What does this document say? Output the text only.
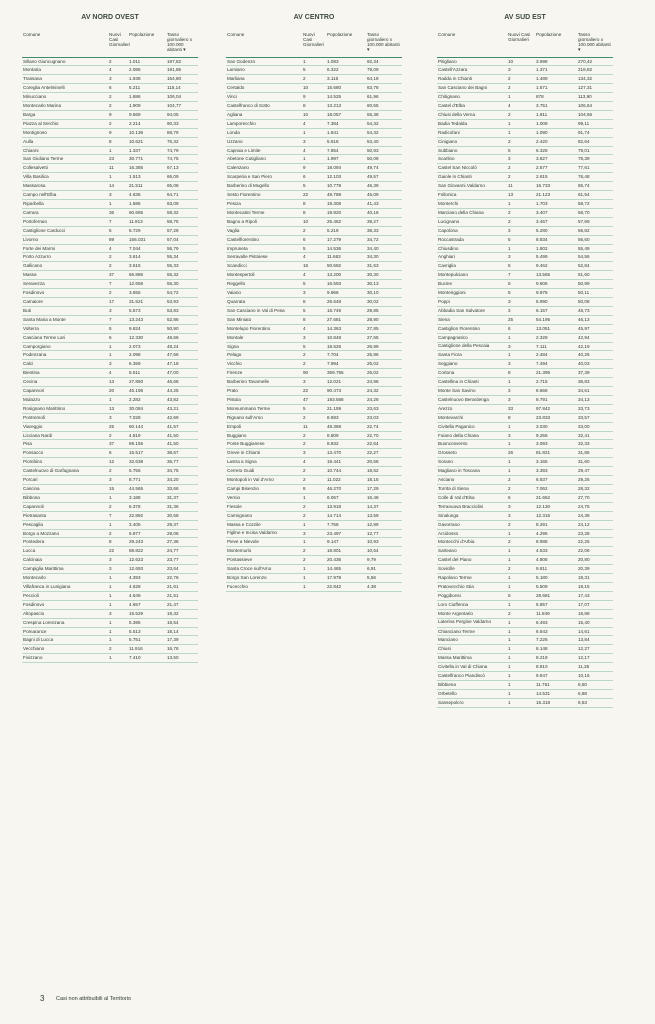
AV NORD OVEST
Comune	Nuovi Casi Giornalieri	Popolazione	Tasso giornaliero x 100.000 abitanti ▾
Sillano Giuncugnano	2	1.011	197,82
Montaria	4	2.085	191,85
Trassana	3	1.938	154,80
Coreglia Antelminelli	6	5.211	115,14
Minucciano	2	1.886	106,04
Montecarlo Marina	2	1.909	104,77
Barga	9	9.569	94,05
Piazza al Serchio	2	2.214	90,33
Montignoso	9	10.136	88,79
Aulla	8	10.621	75,32
Chianni	1	1.337	74,79
San Giuliano Terme	23	30.771	74,75
Collesalvetti	11	16.385	67,13
Villa Basilica	1	1.513	66,09
Massarosa	14	21.511	65,08
Campo nell'Elba	3	4.636	64,71
Riparbella	1	1.585	63,09
Carrara	36	60.685	59,32
Portoferraio	7	11.913	58,75
Castiglione Carducci	5	8.729	57,28
Livorno	89	156.031	57,04
Forte dei Marmi	4	7.044	56,79
Porto Azzurro	2	3.614	55,34
Gallicano	2	3.615	55,33
Massa	37	66.886	55,32
Seravezza	7	12.658	55,30
Fosdinovo	2	3.655	54,72
Camaiore	17	31.521	53,93
Buti	3	5.573	53,83
Santa Maria a Monte	7	13.243	52,86
Volterra	5	9.824	50,90
Casciana Terme Lari	6	12.330	48,66
Camporgiano	1	2.073	48,24
Podenzana	1	2.098	47,66
Calci	3	6.359	47,18
Bientina	4	8.511	47,00
Cecina	13	27.850	46,68
Capannori	20	45.196	44,25
Mulazzo	1	2.282	43,82
Rosignano Marittimo	13	30.084	43,21
Pontremoli	3	7.028	42,69
Viareggio	25	60.144	41,57
Licciana Nardi	2	4.819	41,50
Pisa	37	89.155	41,50
Ponsacco	6	15.517	38,67
Piombino	12	32.638	36,77
Castelnuovo di Garfagnana	2	5.756	34,75
Porcari	3	8.771	34,20
Cascina	15	44.565	33,66
Bibbona	1	3.188	31,37
Capannoli	2	6.378	31,36
Pietrasanta	7	22.892	30,58
Pescaglia	1	3.405	29,37
Borgo a Mozzano	2	6.877	29,08
Pontedera	8	29.243	27,36
Lucca	22	88.822	24,77
Calcinaia	3	12.623	23,77
Campiglia Marittima	3	12.693	23,64
Montecarlo	1	4.393	22,76
Villafranca in Lunigiana	1	4.628	21,61
Peccioli	1	4.649	21,51
Fosdinovo	1	4.657	21,47
Altopascio	3	15.529	19,32
Crespina Lorenzana	1	5.395	18,54
Pomarance	1	5.513	18,14
Bagni di Lucca	1	5.751	17,39
Vecchiano	2	11.916	16,78
Fivizzano	1	7.410	13,50
AV CENTRO
Comune	Nuovi Casi Giornalieri	Popolazione	Tasso giornaliero x 100.000 abitanti ▾
San Godenzo	1	1.083	92,34
Lamiano	5	6.322	79,09
Marliana	2	3.116	64,18
Certaldo	10	15.680	63,78
Vinci	9	14.525	61,96
Castelfranco di Sotto	8	13.213	60,55
Agliana	10	18.057	55,38
Lamporecchio	4	7.384	54,32
Londa	1	1.841	54,32
Uzzano	3	5.618	53,40
Capraia e Limite	4	7.854	50,93
Abetone Cutigliano	1	1.997	50,08
Calenzano	9	18.094	49,74
Scarperia e San Piero	6	12.103	49,57
Barberino di Mugello	5	10.779	46,39
Sesto Fiorentino	22	48.788	45,09
Pescia	8	19.308	41,43
Montecatini Terme	8	19.920	40,16
Bagno a Ripoli	10	25.462	39,27
Vaglia	2	5.218	38,33
Castelfiorentino	6	17.279	34,72
Impruneta	5	14.536	34,40
Serravalle Pistoiese	4	11.663	34,30
Scandicci	16	50.592	31,63
Montespertoli	4	13.200	30,30
Reggello	5	16.593	30,13
Vaiano	3	9.966	30,10
Quarrata	8	26.648	30,02
San Casciano in Val di Pesa	5	16.749	29,85
San Miniato	8	27.681	28,90
Montelupo Fiorentino	4	14.363	27,85
Montale	3	10.848	27,65
Signa	5	18.526	26,99
Pelago	2	7.704	25,96
Vicchio	2	7.994	25,02
Firenze	90	359.755	25,02
Barberino Tavarnelle	3	12.021	24,96
Prato	22	90.473	24,32
Pistoia	47	193.568	24,28
Monsummano Terme	5	21.159	23,63
Rignano sull'Arno	2	8.683	23,03
Empoli	11	48.368	22,74
Buggiano	2	8.809	22,70
Ponte Buggianese	2	8.832	22,64
Greve in Chianti	3	13.470	22,27
Lastra a Signa	4	19.441	20,58
Cerreto Guidi	2	10.744	18,62
Montopoli in Val d'Arno	2	11.022	18,15
Campi Bisenzio	8	46.270	17,29
Vernio	1	6.067	16,48
Fiesole	2	13.918	14,37
Carmignano	2	14.714	13,59
Massa e Cozzile	1	7.758	12,89
Figline e Incisa Valdarno	3	23.497	12,77
Pieve a Nievole	1	9.147	10,93
Montemurlo	2	18.801	10,64
Pontassieve	2	20.436	9,79
Santa Croce sull'Arno	1	14.465	6,91
Borgo San Lorenzo	1	17.979	5,56
Fucecchio	1	22.842	4,38
AV SUD EST
Comune	Nuovi Casi Giornalieri	Popolazione	Tasso giornaliero x 100.000 abitanti ▾
Pitigliano	10	3.698	270,42
Castell'Azzara	3	1.371	218,82
Radda in Chianti	2	1.489	134,32
San Casciano dei Bagni	2	1.571	127,31
Chitignano	1	878	113,90
Castel d'Elba	4	3.751	106,64
Chiusi della Verna	2	1.911	104,66
Badia Tedalda	1	1.009	99,11
Radicofani	1	1.090	91,74
Cinigiano	2	2.420	82,64
Subbiano	5	6.328	79,01
Scarlino	3	3.827	78,39
Castel San Niccolò	2	2.577	77,61
Gaiole in Chianti	2	2.615	76,48
San Giovanni Valdarno	11	16.733	65,74
Follonica	13	21.123	61,54
Monterchi	1	1.703	58,72
Marciano della Chiana	2	3.407	58,70
Lucignano	2	3.467	57,69
Capolona	3	5.280	56,82
Roccastrada	5	8.834	56,60
Chiusdino	1	1.802	55,49
Anghiari	3	5.499	54,56
Cavriglia	5	9.462	52,84
Montepulciano	7	13.565	51,60
Bucine	5	9.806	50,99
Monteriggioni	5	9.978	50,11
Poppi	3	5.990	50,08
Abbadia San Salvatore	3	6.157	48,73
Siena	25	54.195	46,13
Castiglion Fiorentino	6	13.051	45,97
Campagnatico	1	2.329	42,94
Castiglione della Pescaia	3	7.111	42,19
Santa Fiora	1	2.484	40,26
Seggiano	3	7.494	40,03
Cortona	8	21.395	37,39
Castellina in Chianti	1	2.715	36,83
Monte San Savino	3	8.668	34,61
Castelnuovo Berardenga	3	8.791	34,13
Arezzo	33	97.842	33,73
Montevarchi	8	23.833	33,57
Civitella Paganico	1	3.030	33,00
Foiano della Chiana	3	9.256	32,41
Buonconvento	1	3.093	32,33
Grosseto	26	81.821	31,85
Sorano	1	3.165	31,60
Magliano in Toscana	1	3.393	29,47
Asciano	2	6.837	29,25
Torrita di Siena	2	7.062	28,32
Colle di Val d'Elsa	6	21.662	27,70
Terranuova Bracciolini	3	12.130	24,75
Sinalunga	3	12.315	24,36
Gavorrano	2	8.291	24,12
Arcidosso	1	4.295	23,28
Montecchi d'Arbia	2	8.988	22,25
Sarteano	1	4.533	22,06
Castel del Piano	1	4.808	20,80
Sovicille	2	9.811	20,39
Rapolano Terme	1	5.180	19,31
Pratovecchio Stia	1	5.509	18,15
Poggibonsi	5	28.681	17,43
Loro Ciuffenna	1	5.857	17,07
Monte Argentario	2	11.849	16,88
Laterina Pergine Valdarno	1	6.493	15,40
Chianciano Terme	1	6.843	14,61
Manciano	1	7.226	13,84
Chiusi	1	8.148	12,27
Massa Marittima	1	8.219	12,17
Civitella in Val di Chiana	1	8.810	11,35
Castelfranco Piandiscò	1	9.847	10,16
Bibbiena	1	11.761	8,50
Orbetello	1	14.531	6,88
Sansepolcro	1	15.318	6,53
3 Casi non attribuibili al Territorio
